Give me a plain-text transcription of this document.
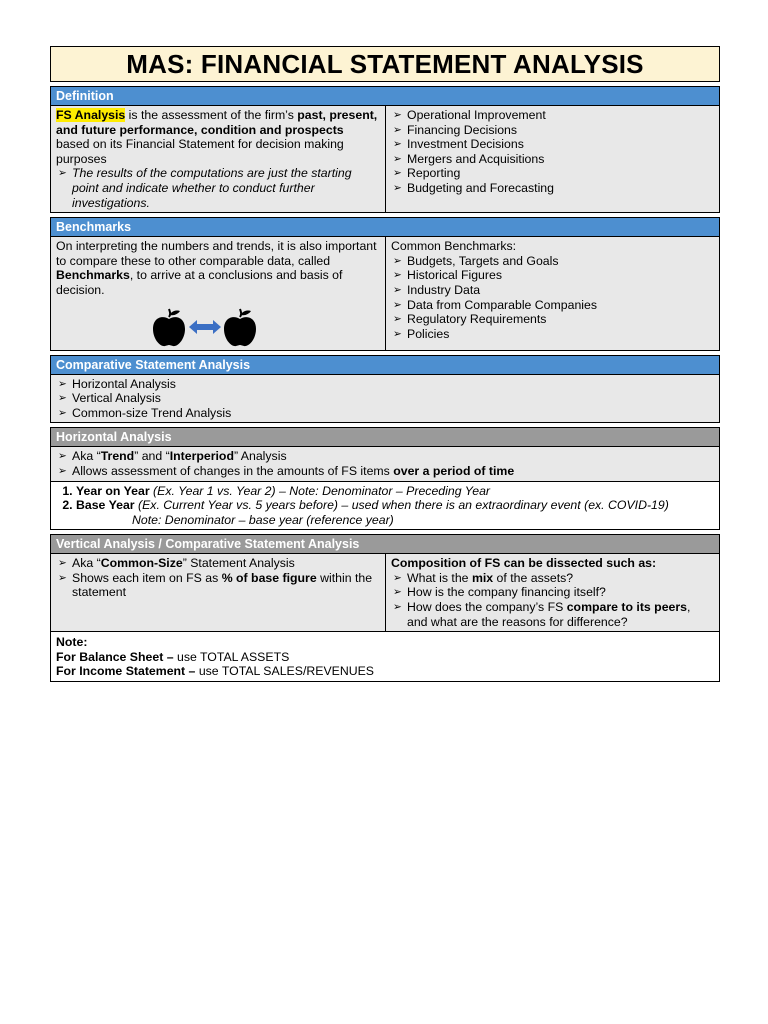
MAS: FINANCIAL STATEMENT ANALYSIS
Definition
FS Analysis is the assessment of the firm’s past, present, and future performance, condition and prospects based on its Financial Statement for decision making purposes
➢ The results of the computations are just the starting point and indicate whether to conduct further investigations.
➢ Operational Improvement
➢ Financing Decisions
➢ Investment Decisions
➢ Mergers and Acquisitions
➢ Reporting
➢ Budgeting and Forecasting
Benchmarks
On interpreting the numbers and trends, it is also important to compare these to other comparable data, called Benchmarks, to arrive at a conclusions and basis of decision.
Common Benchmarks:
➢ Budgets, Targets and Goals
➢ Historical Figures
➢ Industry Data
➢ Data from Comparable Companies
➢ Regulatory Requirements
➢ Policies
Comparative Statement Analysis
➢ Horizontal Analysis
➢ Vertical Analysis
➢ Common-size Trend Analysis
Horizontal Analysis
➢ Aka “Trend” and “Interperiod” Analysis
➢ Allows assessment of changes in the amounts of FS items over a period of time
1. Year on Year (Ex. Year 1 vs. Year 2) – Note: Denominator – Preceding Year
2. Base Year (Ex. Current Year vs. 5 years before) – used when there is an extraordinary event (ex. COVID-19)
Note: Denominator – base year (reference year)
Vertical Analysis / Comparative Statement Analysis
➢ Aka “Common-Size” Statement Analysis
➢ Shows each item on FS as % of base figure within the statement
Composition of FS can be dissected such as:
➢ What is the mix of the assets?
➢ How is the company financing itself?
➢ How does the company’s FS compare to its peers, and what are the reasons for difference?
Note:
For Balance Sheet – use TOTAL ASSETS
For Income Statement – use TOTAL SALES/REVENUES
